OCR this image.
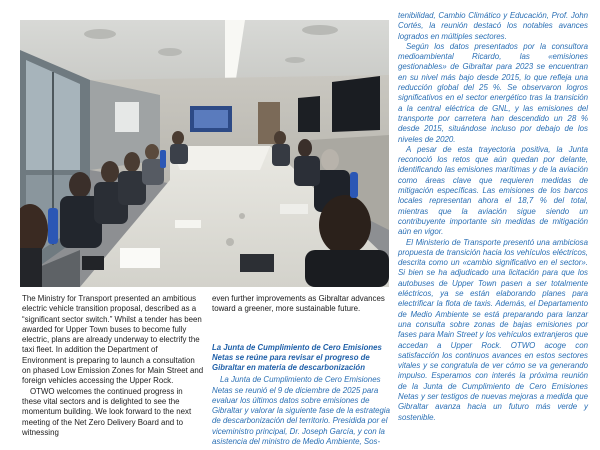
The Ministry for Transport presented an ambitious electric vehicle transition proposal, described as a “significant sector switch.” Whilst a tender has been awarded for Upper Town buses to become fully electric, plans are already underway to electrify the taxi fleet. In addition the Department of Environment is preparing to launch a consultation on phased Low Emission Zones for Main Street and foreign vehicles accessing the Upper Rock.

OTWO welcomes the continued progress in these vital sectors and is delighted to see the momentum building. We look forward to the next meeting of the Net Zero Delivery Board and to witnessing

even further improvements as Gibraltar advances toward a greener, more sustainable future.

La Junta de Cumplimiento de Cero Emisiones Netas se reúne para revisar el progreso de Gibraltar en materia de descarbonización

La Junta de Cumplimiento de Cero Emisiones Netas se reunió el 9 de diciembre de 2025 para evaluar los últimos datos sobre emisiones de Gibraltar y valorar la siguiente fase de la estrategia de descarbonización del territorio. Presidida por el viceministro principal, Dr. Joseph García, y con la asistencia del ministro de Medio Ambiente, Sos-

tenibilidad, Cambio Climático y Educación, Prof. John Cortés, la reunión destacó los notables avances logrados en múltiples sectores.

Según los datos presentados por la consultora medioambiental Ricardo, las «emisiones gestionables» de Gibraltar para 2023 se encuentran en su nivel más bajo desde 2015, lo que refleja una reducción global del 25 %. Se observaron logros significativos en el sector energético tras la transición a la central eléctrica de GNL, y las emisiones del transporte por carretera han descendido un 28 % desde 2015, situándose incluso por debajo de los niveles de 2020.

A pesar de esta trayectoria positiva, la Junta reconoció los retos que aún quedan por delante, identificando las emisiones marítimas y de la aviación como áreas clave que requieren medidas de mitigación específicas. Las emisiones de los barcos locales representan ahora el 18,7 % del total, mientras que la aviación sigue siendo un contribuyente importante sin medidas de mitigación aún en vigor.

El Ministerio de Transporte presentó una ambiciosa propuesta de transición hacia los vehículos eléctricos, descrita como un «cambio significativo en el sector». Si bien se ha adjudicado una licitación para que los autobuses de Upper Town pasen a ser totalmente eléctricos, ya se están elaborando planes para electrificar la flota de taxis. Además, el Departamento de Medio Ambiente se está preparando para lanzar una consulta sobre zonas de bajas emisiones por fases para Main Street y los vehículos extranjeros que accedan a Upper Rock. OTWO acoge con satisfacción los continuos avances en estos sectores vitales y se congratula de ver cómo se va generando impulso. Esperamos con interés la próxima reunión de la Junta de Cumplimiento de Cero Emisiones Netas y ser testigos de nuevas mejoras a medida que Gibraltar avanza hacia un futuro más verde y sostenible.
